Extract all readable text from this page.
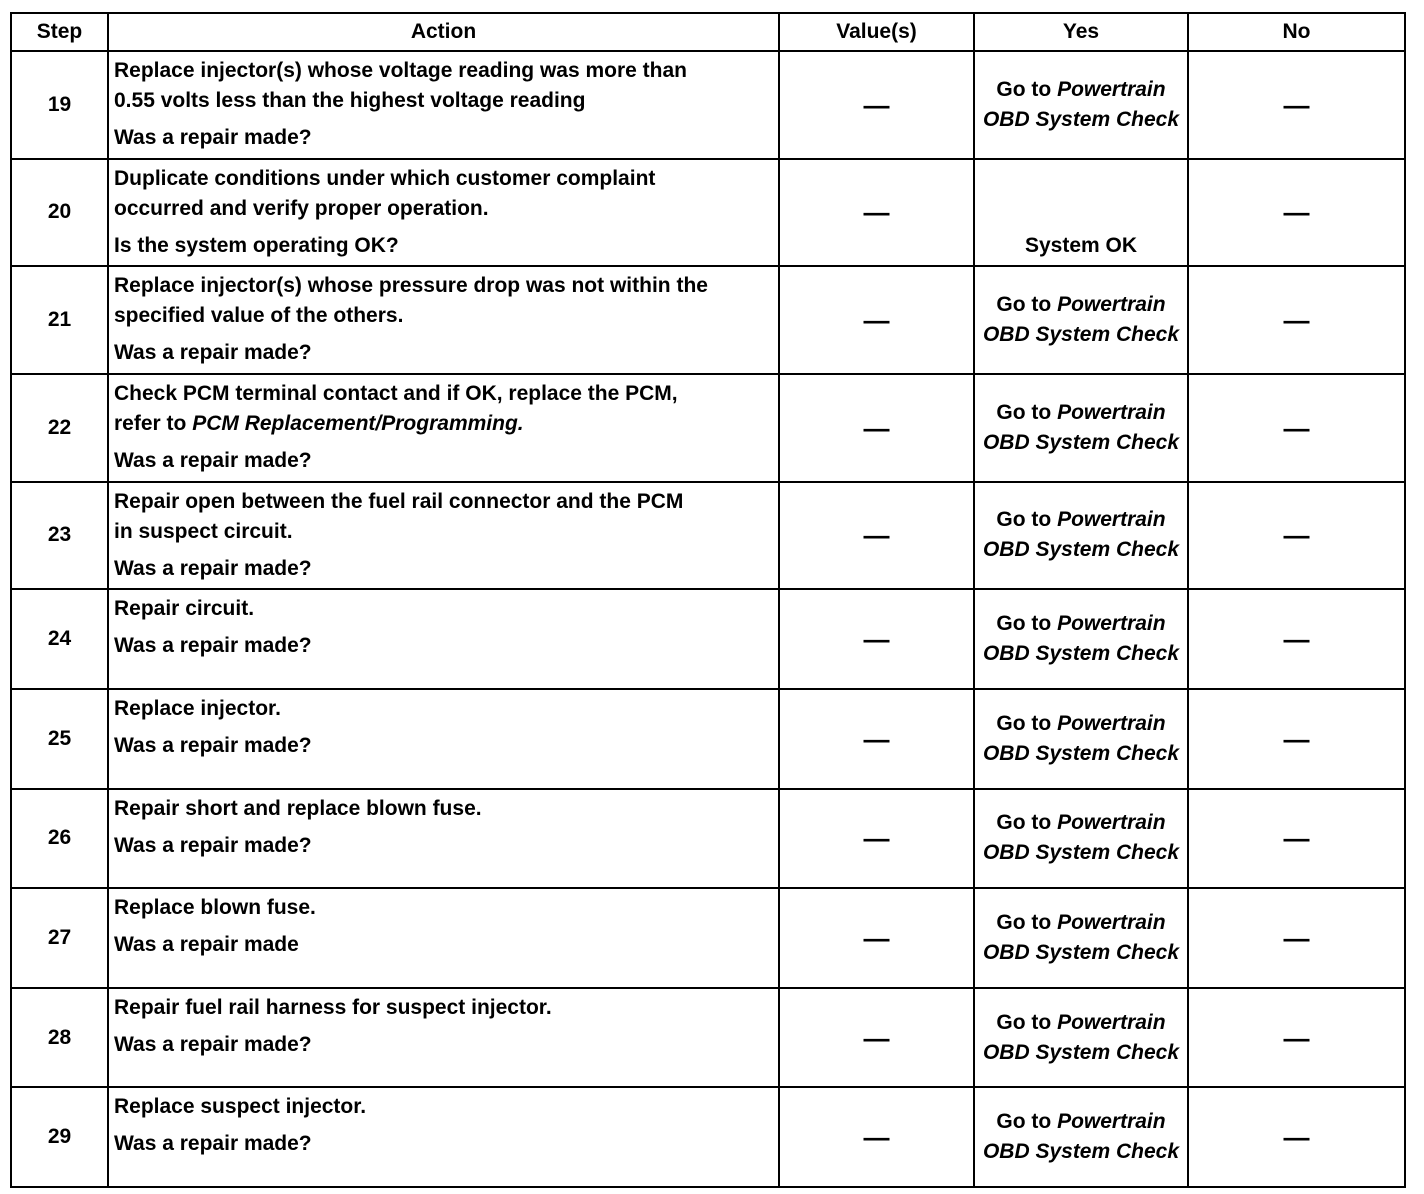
Step	Action	Value(s)	Yes	No
19	Replace injector(s) whose voltage reading was more than
0.55 volts less than the highest voltage reading
Was a repair made?	—	Go to Powertrain OBD System Check	—
20	Duplicate conditions under which customer complaint
occurred and verify proper operation.
Is the system operating OK?	—	System OK	—
21	Replace injector(s) whose pressure drop was not within the
specified value of the others.
Was a repair made?	—	Go to Powertrain OBD System Check	—
22	Check PCM terminal contact and if OK, replace the PCM,
refer to PCM Replacement/Programming.
Was a repair made?	—	Go to Powertrain OBD System Check	—
23	Repair open between the fuel rail connector and the PCM
in suspect circuit.
Was a repair made?	—	Go to Powertrain OBD System Check	—
24	Repair circuit.
Was a repair made?	—	Go to Powertrain OBD System Check	—
25	Replace injector.
Was a repair made?	—	Go to Powertrain OBD System Check	—
26	Repair short and replace blown fuse.
Was a repair made?	—	Go to Powertrain OBD System Check	—
27	Replace blown fuse.
Was a repair made	—	Go to Powertrain OBD System Check	—
28	Repair fuel rail harness for suspect injector.
Was a repair made?	—	Go to Powertrain OBD System Check	—
29	Replace suspect injector.
Was a repair made?	—	Go to Powertrain OBD System Check	—
